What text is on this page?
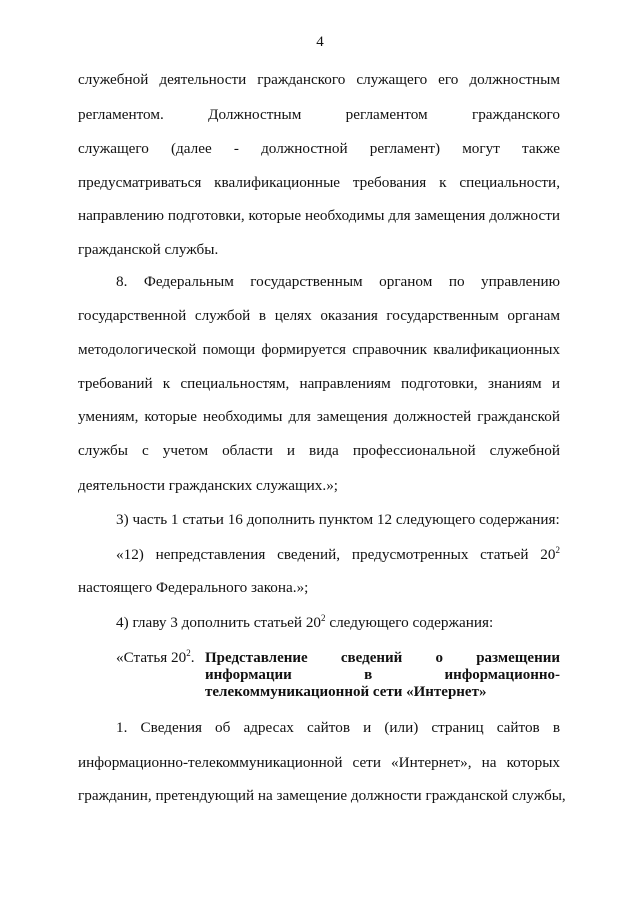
4
служебной деятельности гражданского служащего его должностным
регламентом. Должностным регламентом гражданского
служащего (далее - должностной регламент) могут также
предусматриваться квалификационные требования к специальности,
направлению подготовки, которые необходимы для замещения должности
гражданской службы.
8. Федеральным государственным органом по управлению
государственной службой в целях оказания государственным органам
методологической помощи формируется справочник квалификационных
требований к специальностям, направлениям подготовки, знаниям и
умениям, которые необходимы для замещения должностей гражданской
службы с учетом области и вида профессиональной служебной
деятельности гражданских служащих.»;
3) часть 1 статьи 16 дополнить пунктом 12 следующего содержания:
«12) непредставления сведений, предусмотренных статьей $20^2$
настоящего Федерального закона.»;
4) главу 3 дополнить статьей $20^2$ следующего содержания:
«Статья $20^2$. Представление сведений о размещении
информации в информационно-
телекоммуникационной сети «Интернет»
1. Сведения об адресах сайтов и (или) страниц сайтов в
информационно-телекоммуникационной сети «Интернет», на которых
гражданин, претендующий на замещение должности гражданской службы,
